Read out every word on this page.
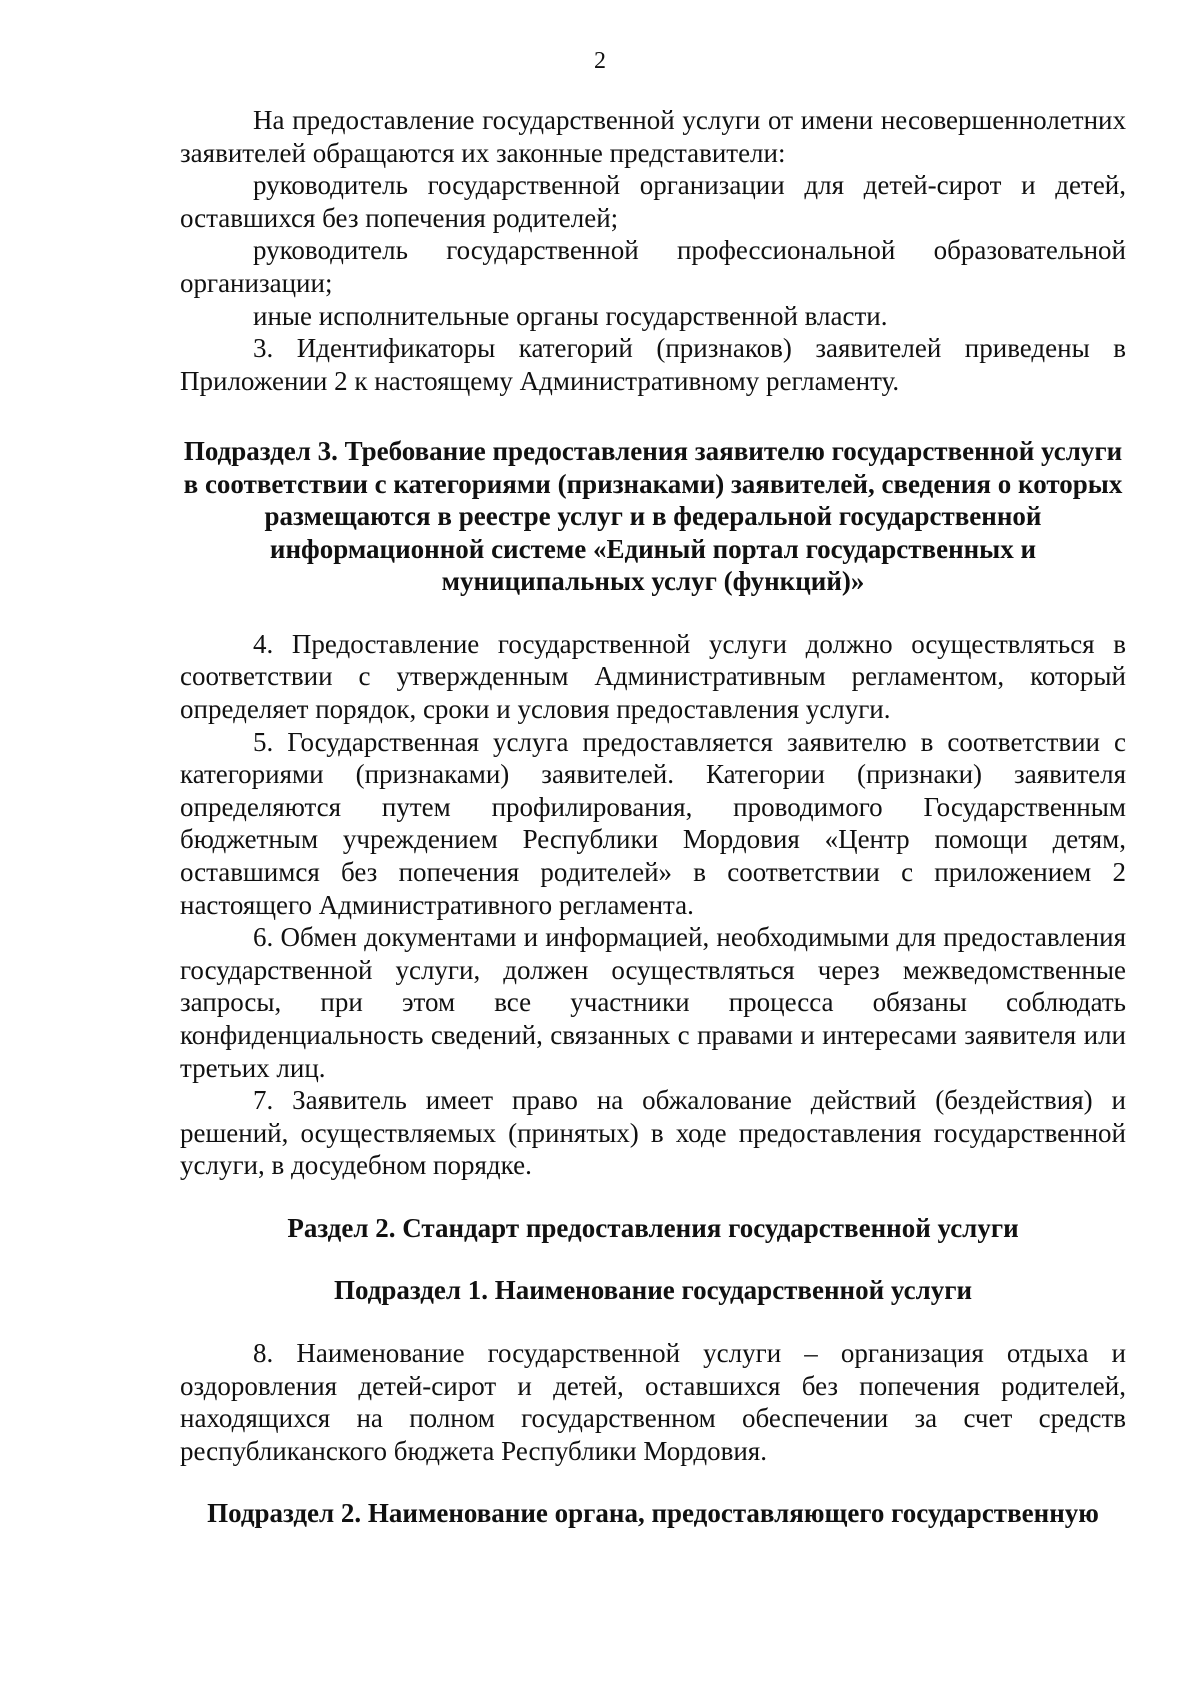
2

На предоставление государственной услуги от имени несовершеннолетних заявителей обращаются их законные представители:

руководитель государственной организации для детей-сирот и детей, оставшихся без попечения родителей;

руководитель государственной профессиональной образовательной организации;

иные исполнительные органы государственной власти.

3. Идентификаторы категорий (признаков) заявителей приведены в Приложении 2 к настоящему Административному регламенту.

Подраздел 3. Требование предоставления заявителю государственной услуги в соответствии с категориями (признаками) заявителей, сведения о которых размещаются в реестре услуг и в федеральной государственной информационной системе «Единый портал государственных и муниципальных услуг (функций)»

4. Предоставление государственной услуги должно осуществляться в соответствии с утвержденным Административным регламентом, который определяет порядок, сроки и условия предоставления услуги.

5. Государственная услуга предоставляется заявителю в соответствии с категориями (признаками) заявителей. Категории (признаки) заявителя определяются путем профилирования, проводимого Государственным бюджетным учреждением Республики Мордовия «Центр помощи детям, оставшимся без попечения родителей» в соответствии с приложением 2 настоящего Административного регламента.

6. Обмен документами и информацией, необходимыми для предоставления государственной услуги, должен осуществляться через межведомственные запросы, при этом все участники процесса обязаны соблюдать конфиденциальность сведений, связанных с правами и интересами заявителя или третьих лиц.

7. Заявитель имеет право на обжалование действий (бездействия) и решений, осуществляемых (принятых) в ходе предоставления государственной услуги, в досудебном порядке.

Раздел 2. Стандарт предоставления государственной услуги
Подраздел 1. Наименование государственной услуги

8. Наименование государственной услуги – организация отдыха и оздоровления детей-сирот и детей, оставшихся без попечения родителей, находящихся на полном государственном обеспечении за счет средств республиканского бюджета Республики Мордовия.

Подраздел 2. Наименование органа, предоставляющего государственную
